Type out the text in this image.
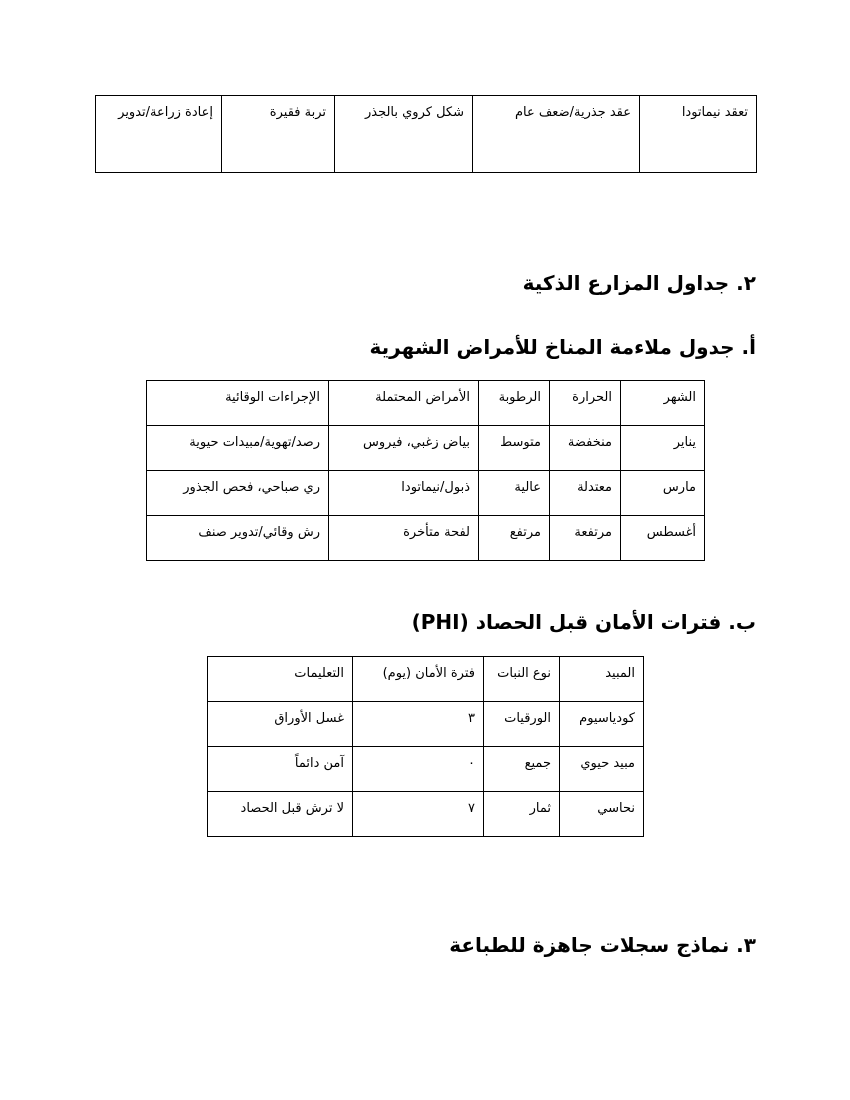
تعقد نيماتودا	عقد جذرية/ضعف عام	شكل كروي بالجذر	تربة فقيرة	إعادة زراعة/تدوير
٢. جداول المزارع الذكية
أ. جدول ملاءمة المناخ للأمراض الشهرية
الشهر	الحرارة	الرطوبة	الأمراض المحتملة	الإجراءات الوقائية
يناير	منخفضة	متوسط	بياض زغبي، فيروس	رصد/تهوية/مبيدات حيوية
مارس	معتدلة	عالية	ذبول/نيماتودا	ري صباحي، فحص الجذور
أغسطس	مرتفعة	مرتفع	لفحة متأخرة	رش وقائي/تدوير صنف
ب. فترات الأمان قبل الحصاد (PHI)
المبيد	نوع النبات	فترة الأمان (يوم)	التعليمات
كودياسيوم	الورقيات	٣	غسل الأوراق
مبيد حيوي	جميع	٠	آمن دائماً
نحاسي	ثمار	٧	لا ترش قبل الحصاد
٣. نماذج سجلات جاهزة للطباعة
